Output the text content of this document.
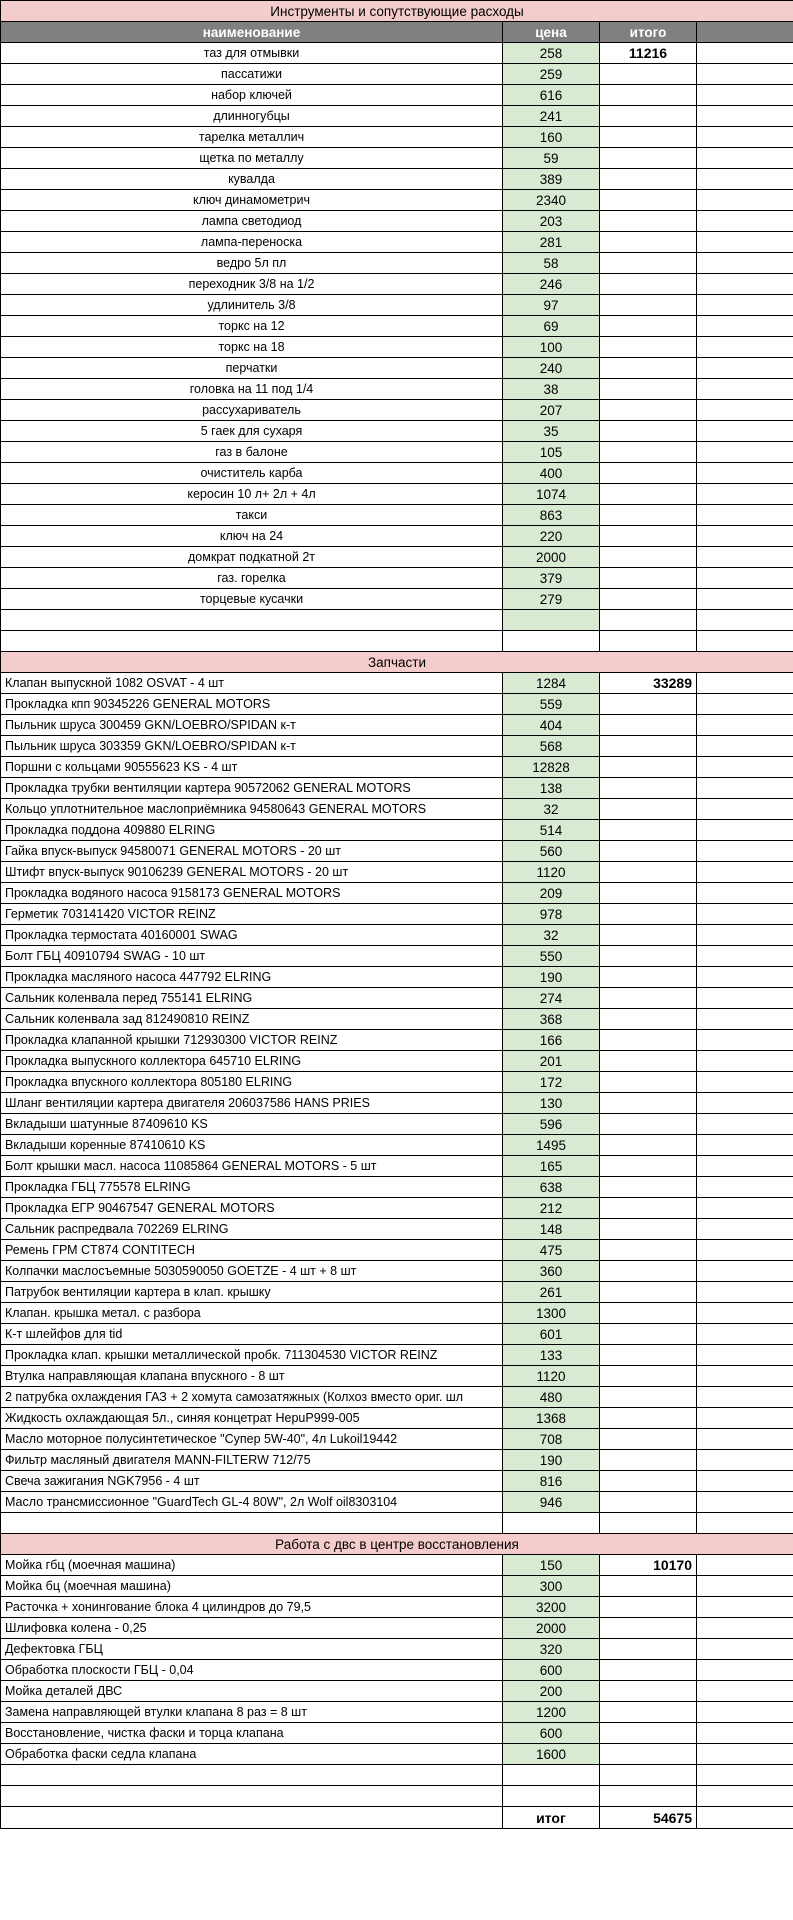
Инструменты и сопутствующие расходы			
наименование	цена	итого	
таз для отмывки	258	11216	
пассатижи	259		
набор ключей	616		
длинногубцы	241		
тарелка металлич	160		
щетка по металлу	59		
кувалда	389		
ключ динамометрич	2340		
лампа светодиод	203		
лампа-переноска	281		
ведро 5л пл	58		
переходник 3/8 на 1/2	246		
удлинитель 3/8	97		
торкс на 12	69		
торкс на 18	100		
перчатки	240		
головка на 11 под 1/4	38		
рассухариватель	207		
5 гаек для сухаря	35		
газ в балоне	105		
очиститель карба	400		
керосин 10 л+ 2л + 4л	1074		
такси	863		
ключ на 24	220		
домкрат подкатной 2т	2000		
газ. горелка	379		
торцевые кусачки	279		

Запчасти			
Клапан выпускной 1082 OSVAT - 4 шт	1284	33289	
Прокладка кпп 90345226 GENERAL MOTORS	559		
Пыльник шруса 300459 GKN/LOEBRO/SPIDAN к-т	404		
Пыльник шруса 303359 GKN/LOEBRO/SPIDAN к-т	568		
Поршни с кольцами 90555623 KS - 4 шт	12828		
Прокладка трубки вентиляции картера 90572062 GENERAL MOTORS	138		
Кольцо уплотнительное маслоприёмника 94580643 GENERAL MOTORS	32		
Прокладка поддона 409880 ELRING	514		
Гайка впуск-выпуск 94580071 GENERAL MOTORS - 20 шт	560		
Штифт впуск-выпуск 90106239 GENERAL MOTORS - 20 шт	1120		
Прокладка водяного насоса 9158173 GENERAL MOTORS	209		
Герметик 703141420 VICTOR REINZ	978		
Прокладка термостата 40160001 SWAG	32		
Болт ГБЦ 40910794 SWAG - 10 шт	550		
Прокладка масляного насоса 447792 ELRING	190		
Сальник коленвала перед 755141 ELRING	274		
Сальник коленвала зад 812490810 REINZ	368		
Прокладка клапанной крышки 712930300 VICTOR REINZ	166		
Прокладка выпускного коллектора 645710 ELRING	201		
Прокладка впускного коллектора 805180 ELRING	172		
Шланг вентиляции картера двигателя 206037586 HANS PRIES	130		
Вкладыши шатунные 87409610 KS	596		
Вкладыши коренные 87410610 KS	1495		
Болт крышки масл. насоса 11085864 GENERAL MOTORS - 5 шт	165		
Прокладка ГБЦ 775578 ELRING	638		
Прокладка ЕГР 90467547 GENERAL MOTORS	212		
Сальник распредвала 702269 ELRING	148		
Ремень ГРМ CT874 CONTITECH	475		
Колпачки маслосъемные 5030590050 GOETZE - 4 шт + 8 шт	360		
Патрубок вентиляции картера в клап. крышку	261		
Клапан. крышка метал. с разбора	1300		
К-т шлейфов для tid	601		
Прокладка клап. крышки металлической пробк. 711304530 VICTOR REINZ	133		
Втулка направляющая клапана впускного - 8 шт	1120		
2 патрубка охлаждения ГАЗ + 2 хомута самозатяжных (Колхоз вместо ориг. шл	480		
Жидкость охлаждающая 5л., синяя концетрат НерuР999-005	1368		
Масло моторное полусинтетическое "Супер 5W-40", 4л Lukoil19442	708		
Фильтр масляный двигателя MANN-FILTERW 712/75	190		
Свеча зажигания NGK7956 - 4 шт	816		
Масло трансмиссионное "GuardTech GL-4 80W", 2л Wolf oil8303104	946		

Работа с двс в центре восстановления			
Мойка гбц (моечная машина)	150	10170	
Мойка бц (моечная машина)	300		
Расточка + хонингование блока 4 цилиндров до 79,5	3200		
Шлифовка колена - 0,25	2000		
Дефектовка ГБЦ	320		
Обработка плоскости ГБЦ - 0,04	600		
Мойка деталей ДВС	200		
Замена направляющей втулки клапана 8 раз = 8 шт	1200		
Восстановление, чистка фаски и торца клапана	600		
Обработка фаски седла клапана	1600		

	итог	54675	
